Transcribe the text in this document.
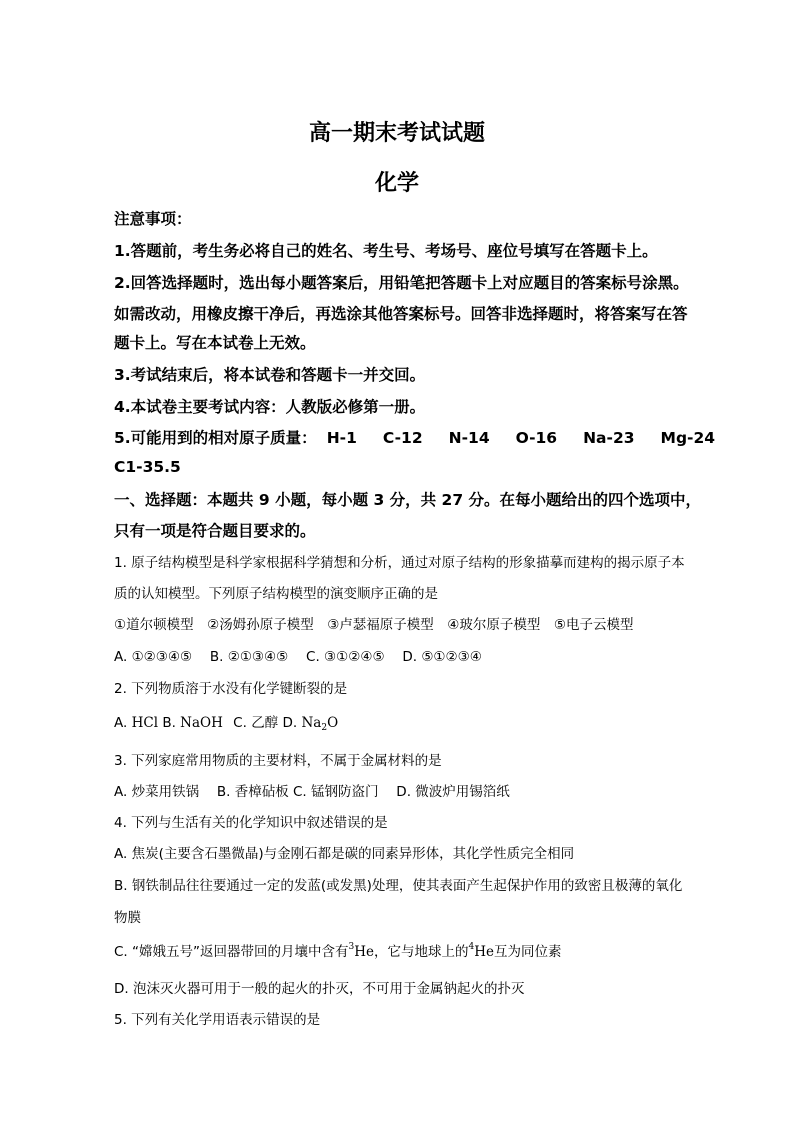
高一期末考试试题
化学
注意事项：
1.答题前，考生务必将自己的姓名、考生号、考场号、座位号填写在答题卡上。
2.回答选择题时，选出每小题答案后，用铅笔把答题卡上对应题目的答案标号涂黑。
如需改动，用橡皮擦干净后，再选涂其他答案标号。回答非选择题时，将答案写在答
题卡上。写在本试卷上无效。
3.考试结束后，将本试卷和答题卡一并交回。
4.本试卷主要考试内容：人教版必修第一册。
5.可能用到的相对原子质量： H-1 C-12 N-14 O-16 Na-23 Mg-24
C1-35.5
一、选择题：本题共 9 小题，每小题 3 分，共 27 分。在每小题给出的四个选项中，
只有一项是符合题目要求的。
1. 原子结构模型是科学家根据科学猜想和分析，通过对原子结构的形象描摹而建构的揭示原子本
质的认知模型。下列原子结构模型的演变顺序正确的是
①道尔顿模型　②汤姆孙原子模型　③卢瑟福原子模型　④玻尔原子模型　⑤电子云模型
A. ①②③④⑤　 B. ②①③④⑤　 C. ③①②④⑤　 D. ⑤①②③④
2. 下列物质溶于水没有化学键断裂的是
A. HCl B. NaOH C. 乙醇 D. $Na_2O$
3. 下列家庭常用物质的主要材料，不属于金属材料的是
A. 炒菜用铁锅　 B. 香樟砧板 C. 锰钢防盗门　 D. 微波炉用锡箔纸
4. 下列与生活有关的化学知识中叙述错误的是
A. 焦炭(主要含石墨微晶)与金刚石都是碳的同素异形体，其化学性质完全相同
B. 钢铁制品往往要通过一定的发蓝(或发黑)处理，使其表面产生起保护作用的致密且极薄的氧化
物膜
C. “嫦娥五号”返回器带回的月壤中含有$^3$He，它与地球上的$^4$He互为同位素
D. 泡沫灭火器可用于一般的起火的扑灭，不可用于金属钠起火的扑灭
5. 下列有关化学用语表示错误的是
